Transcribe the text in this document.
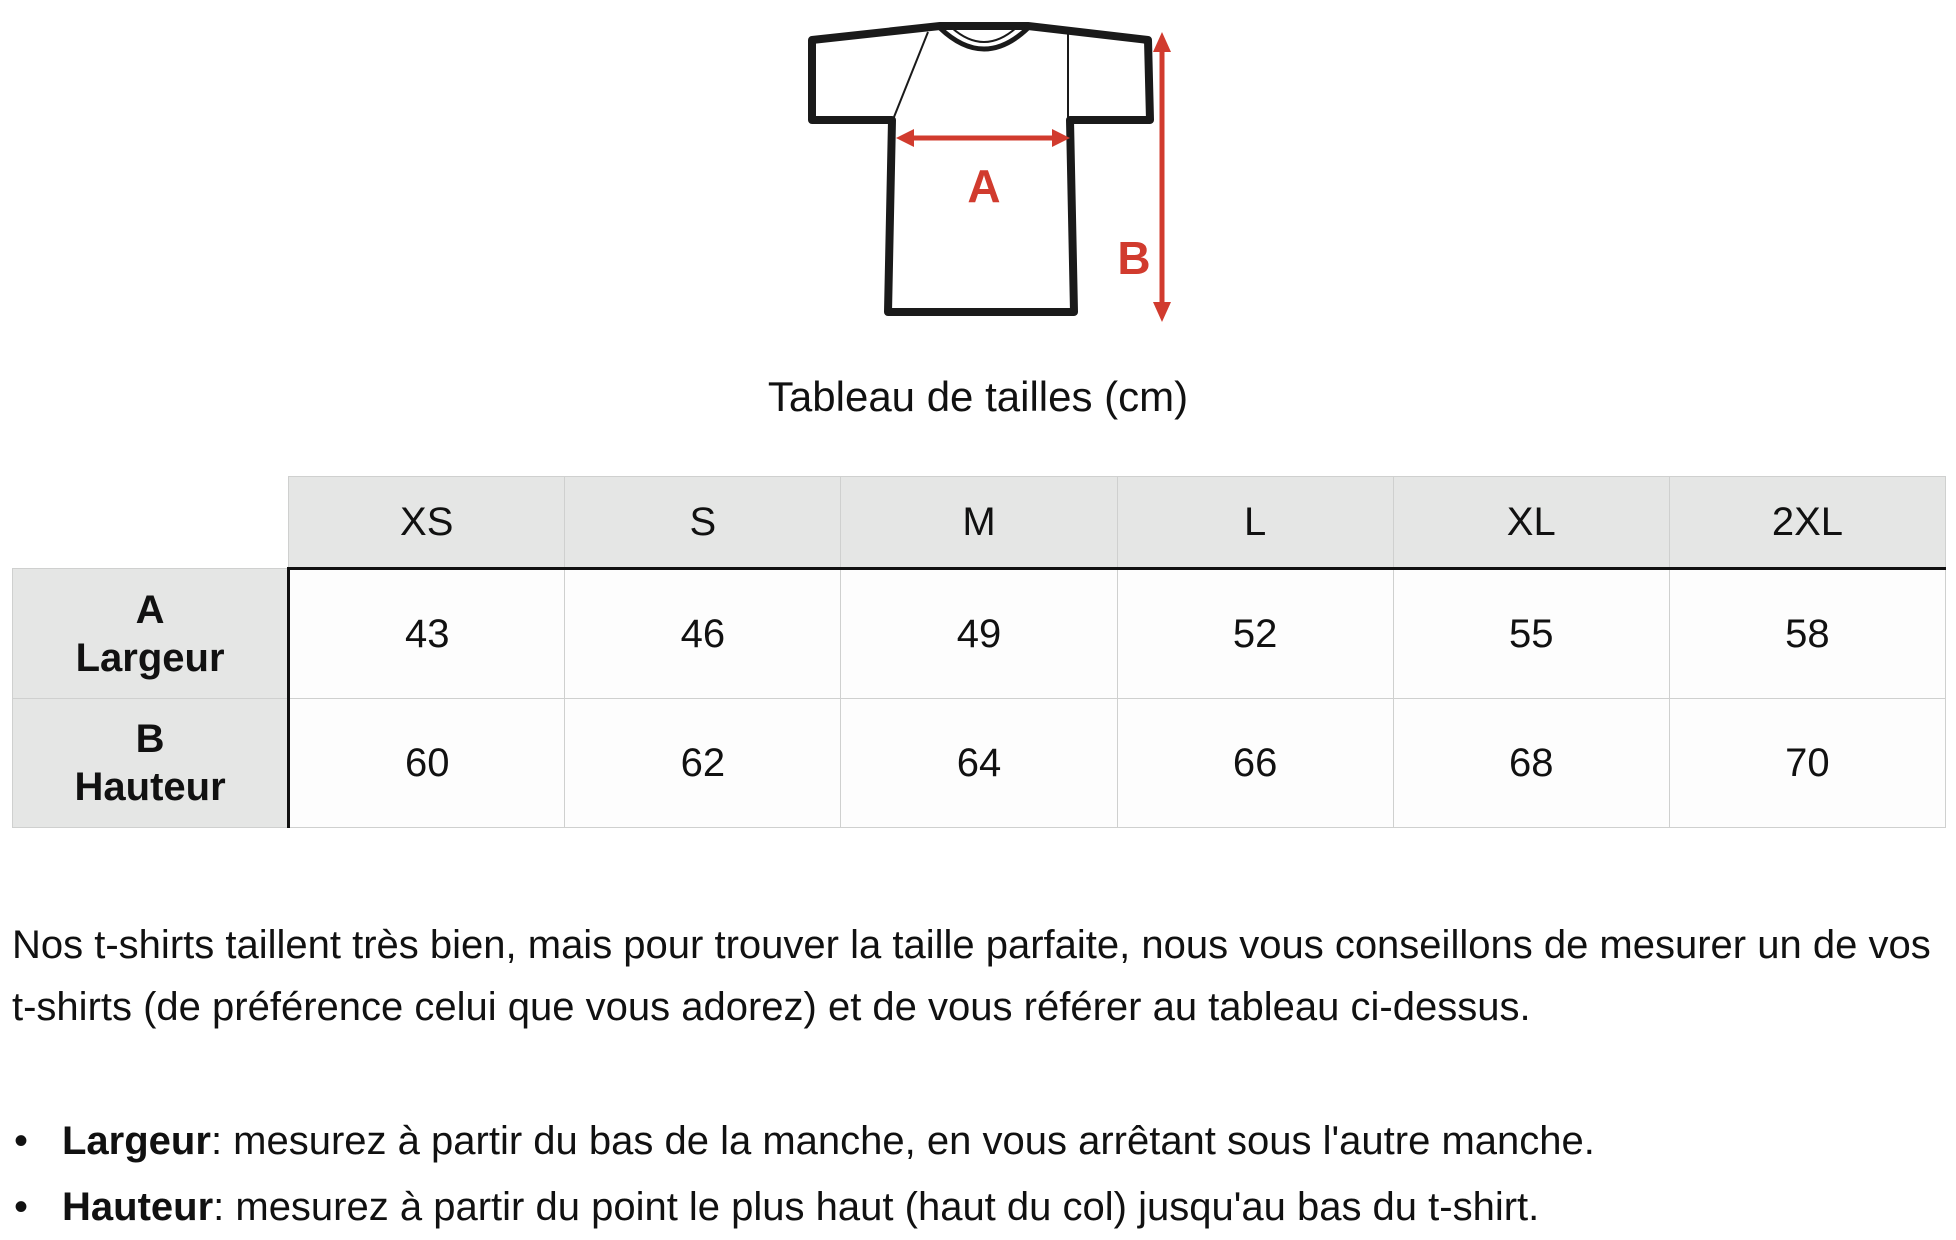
A
B
Tableau de tailles (cm)
	XS	S	M	L	XL	2XL

A
Largeur	43	46	49	52	55	58

B
Hauteur	60	62	64	66	68	70

Nos t-shirts taillent très bien, mais pour trouver la taille parfaite, nous vous conseillons de mesurer un de vos t-shirts (de préférence celui que vous adorez) et de vous référer au tableau ci-dessus.

• Largeur: mesurez à partir du bas de la manche, en vous arrêtant sous l'autre manche.
• Hauteur: mesurez à partir du point le plus haut (haut du col) jusqu'au bas du t-shirt.
